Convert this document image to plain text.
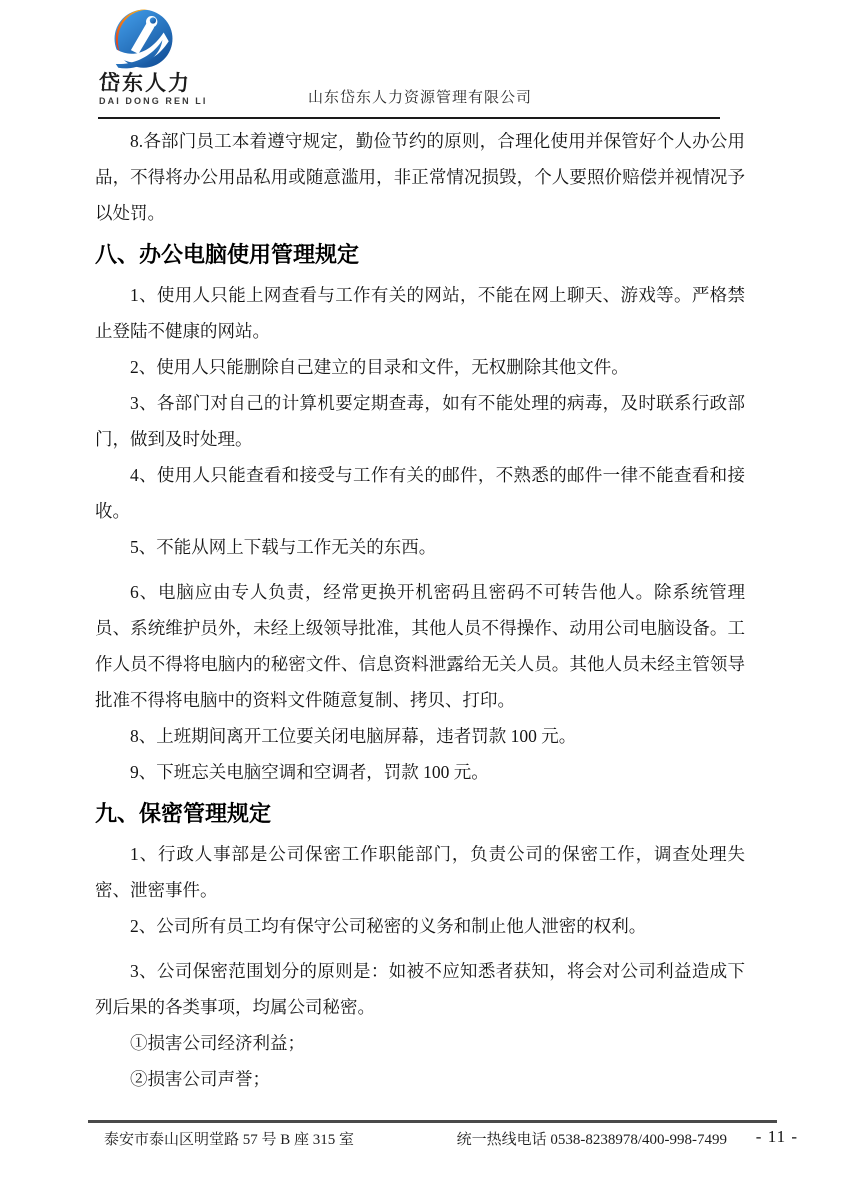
岱东人力
DAI DONG REN LI	山东岱东人力资源管理有限公司

8.各部门员工本着遵守规定，勤俭节约的原则，合理化使用并保管好个人办公用品，不得将办公用品私用或随意滥用，非正常情况损毁，个人要照价赔偿并视情况予以处罚。

八、办公电脑使用管理规定

1、使用人只能上网查看与工作有关的网站，不能在网上聊天、游戏等。严格禁止登陆不健康的网站。

2、使用人只能删除自己建立的目录和文件，无权删除其他文件。

3、各部门对自己的计算机要定期查毒，如有不能处理的病毒，及时联系行政部门，做到及时处理。

4、使用人只能查看和接受与工作有关的邮件，不熟悉的邮件一律不能查看和接收。

5、不能从网上下载与工作无关的东西。

6、电脑应由专人负责，经常更换开机密码且密码不可转告他人。除系统管理员、系统维护员外，未经上级领导批准，其他人员不得操作、动用公司电脑设备。工作人员不得将电脑内的秘密文件、信息资料泄露给无关人员。其他人员未经主管领导批准不得将电脑中的资料文件随意复制、拷贝、打印。

8、上班期间离开工位要关闭电脑屏幕，违者罚款 100 元。

9、下班忘关电脑空调和空调者，罚款 100 元。

九、保密管理规定

1、行政人事部是公司保密工作职能部门，负责公司的保密工作，调查处理失密、泄密事件。

2、公司所有员工均有保守公司秘密的义务和制止他人泄密的权利。

3、公司保密范围划分的原则是：如被不应知悉者获知，将会对公司利益造成下列后果的各类事项，均属公司秘密。

①损害公司经济利益；

②损害公司声誉；

泰安市泰山区明堂路 57 号 B 座 315 室	统一热线电话 0538-8238978/400-998-7499 - 11 -
